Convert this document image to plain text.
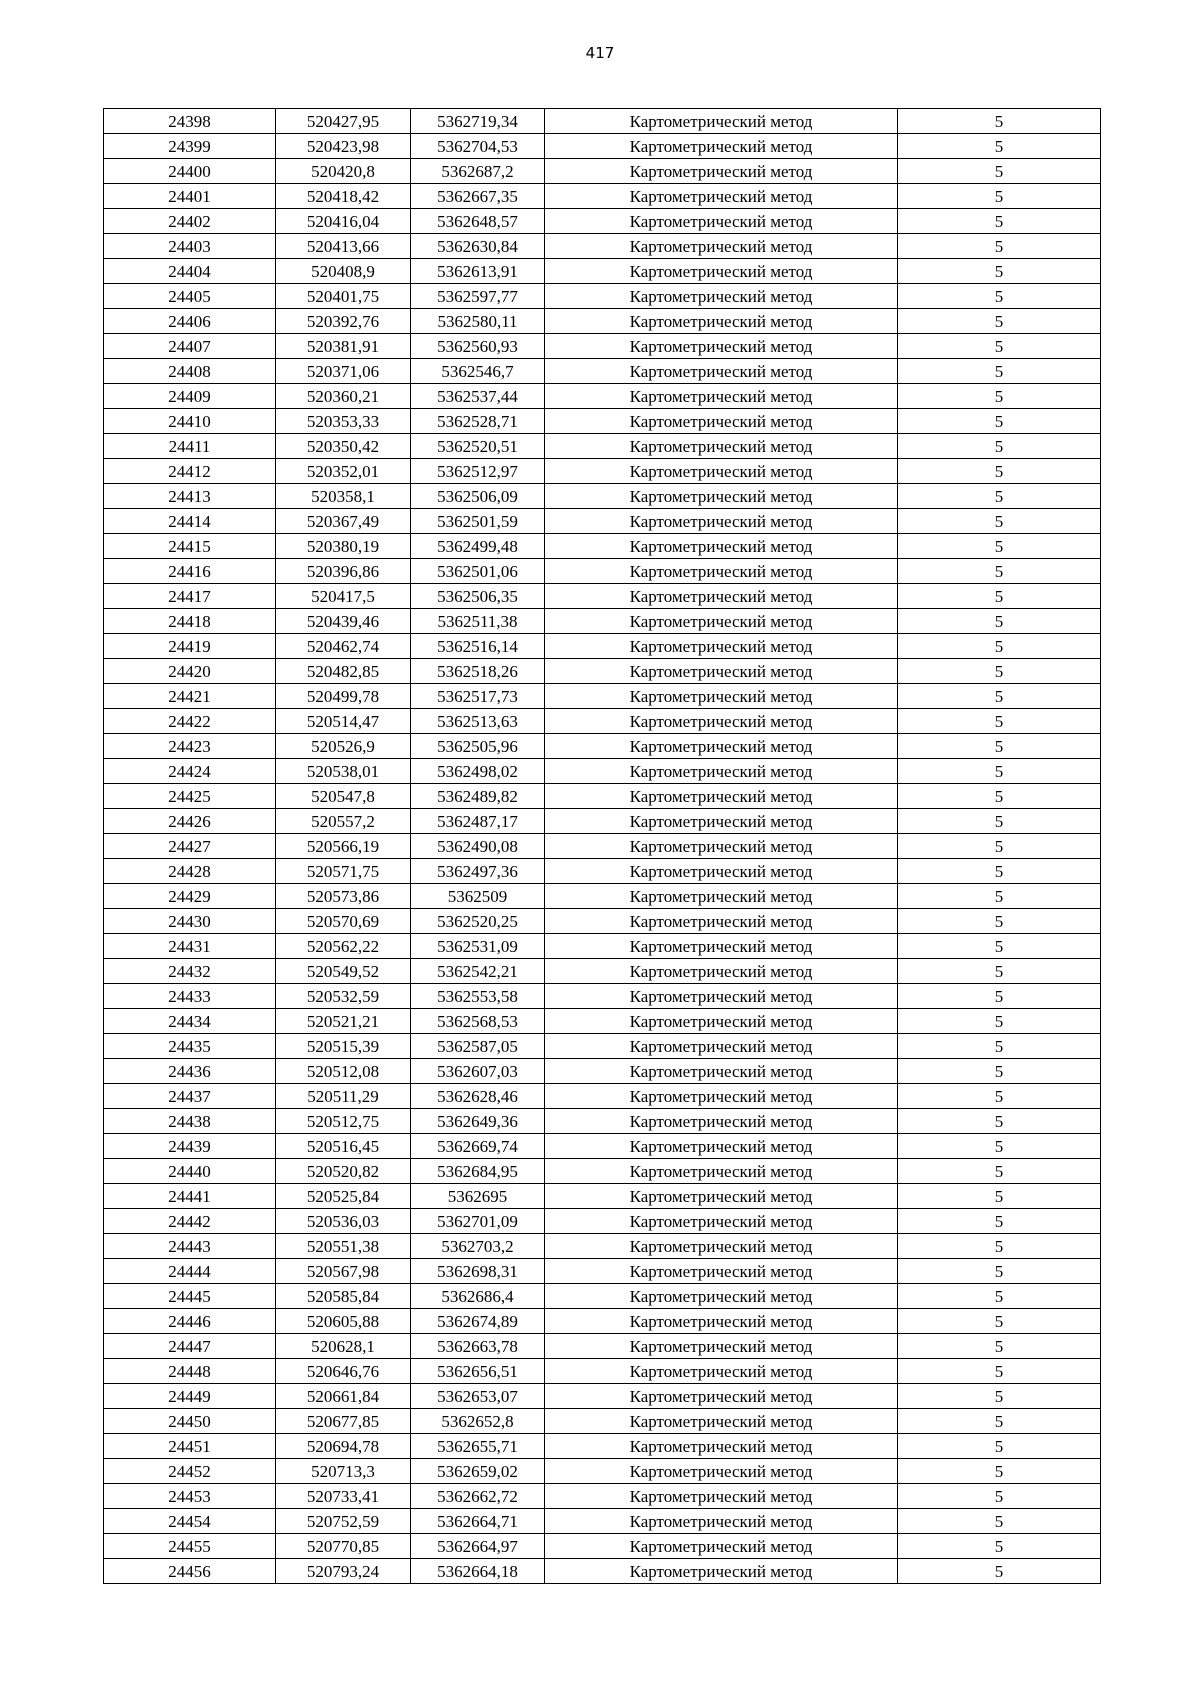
417
24398	520427,95	5362719,34	Картометрический метод	5
24399	520423,98	5362704,53	Картометрический метод	5
24400	520420,8	5362687,2	Картометрический метод	5
24401	520418,42	5362667,35	Картометрический метод	5
24402	520416,04	5362648,57	Картометрический метод	5
24403	520413,66	5362630,84	Картометрический метод	5
24404	520408,9	5362613,91	Картометрический метод	5
24405	520401,75	5362597,77	Картометрический метод	5
24406	520392,76	5362580,11	Картометрический метод	5
24407	520381,91	5362560,93	Картометрический метод	5
24408	520371,06	5362546,7	Картометрический метод	5
24409	520360,21	5362537,44	Картометрический метод	5
24410	520353,33	5362528,71	Картометрический метод	5
24411	520350,42	5362520,51	Картометрический метод	5
24412	520352,01	5362512,97	Картометрический метод	5
24413	520358,1	5362506,09	Картометрический метод	5
24414	520367,49	5362501,59	Картометрический метод	5
24415	520380,19	5362499,48	Картометрический метод	5
24416	520396,86	5362501,06	Картометрический метод	5
24417	520417,5	5362506,35	Картометрический метод	5
24418	520439,46	5362511,38	Картометрический метод	5
24419	520462,74	5362516,14	Картометрический метод	5
24420	520482,85	5362518,26	Картометрический метод	5
24421	520499,78	5362517,73	Картометрический метод	5
24422	520514,47	5362513,63	Картометрический метод	5
24423	520526,9	5362505,96	Картометрический метод	5
24424	520538,01	5362498,02	Картометрический метод	5
24425	520547,8	5362489,82	Картометрический метод	5
24426	520557,2	5362487,17	Картометрический метод	5
24427	520566,19	5362490,08	Картометрический метод	5
24428	520571,75	5362497,36	Картометрический метод	5
24429	520573,86	5362509	Картометрический метод	5
24430	520570,69	5362520,25	Картометрический метод	5
24431	520562,22	5362531,09	Картометрический метод	5
24432	520549,52	5362542,21	Картометрический метод	5
24433	520532,59	5362553,58	Картометрический метод	5
24434	520521,21	5362568,53	Картометрический метод	5
24435	520515,39	5362587,05	Картометрический метод	5
24436	520512,08	5362607,03	Картометрический метод	5
24437	520511,29	5362628,46	Картометрический метод	5
24438	520512,75	5362649,36	Картометрический метод	5
24439	520516,45	5362669,74	Картометрический метод	5
24440	520520,82	5362684,95	Картометрический метод	5
24441	520525,84	5362695	Картометрический метод	5
24442	520536,03	5362701,09	Картометрический метод	5
24443	520551,38	5362703,2	Картометрический метод	5
24444	520567,98	5362698,31	Картометрический метод	5
24445	520585,84	5362686,4	Картометрический метод	5
24446	520605,88	5362674,89	Картометрический метод	5
24447	520628,1	5362663,78	Картометрический метод	5
24448	520646,76	5362656,51	Картометрический метод	5
24449	520661,84	5362653,07	Картометрический метод	5
24450	520677,85	5362652,8	Картометрический метод	5
24451	520694,78	5362655,71	Картометрический метод	5
24452	520713,3	5362659,02	Картометрический метод	5
24453	520733,41	5362662,72	Картометрический метод	5
24454	520752,59	5362664,71	Картометрический метод	5
24455	520770,85	5362664,97	Картометрический метод	5
24456	520793,24	5362664,18	Картометрический метод	5
